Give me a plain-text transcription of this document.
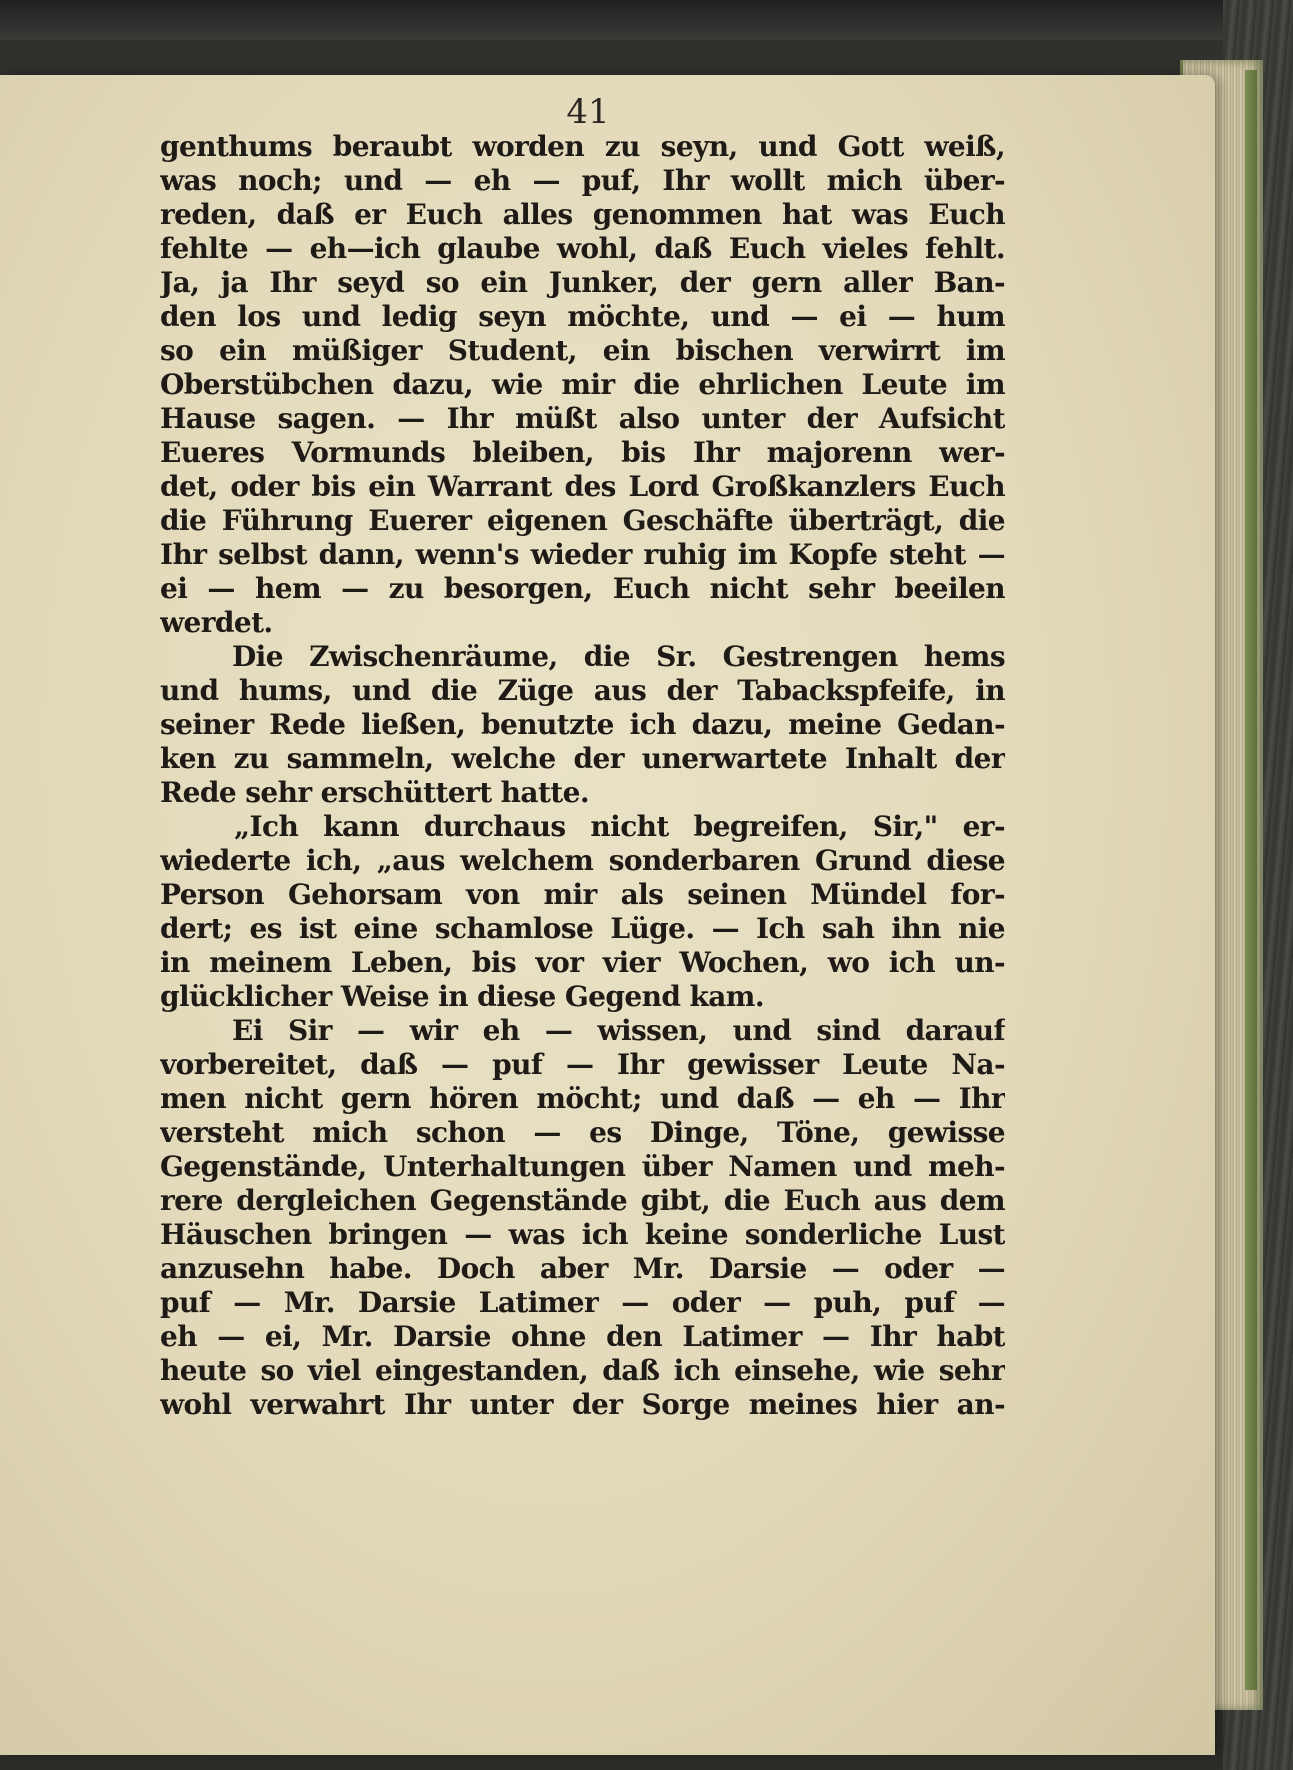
41
genthums beraubt worden zu seyn, und Gott weiß,
was noch; und — eh — puf, Ihr wollt mich über-
reden, daß er Euch alles genommen hat was Euch
fehlte — eh—ich glaube wohl, daß Euch vieles fehlt.
Ja, ja Ihr seyd so ein Junker, der gern aller Ban-
den los und ledig seyn möchte, und — ei — hum
so ein müßiger Student, ein bischen verwirrt im
Oberstübchen dazu, wie mir die ehrlichen Leute im
Hause sagen. — Ihr müßt also unter der Aufsicht
Eueres Vormunds bleiben, bis Ihr majorenn wer-
det, oder bis ein Warrant des Lord Großkanzlers Euch
die Führung Euerer eigenen Geschäfte überträgt, die
Ihr selbst dann, wenn's wieder ruhig im Kopfe steht —
ei — hem — zu besorgen, Euch nicht sehr beeilen
werdet.
Die Zwischenräume, die Sr. Gestrengen hems
und hums, und die Züge aus der Tabackspfeife, in
seiner Rede ließen, benutzte ich dazu, meine Gedan-
ken zu sammeln, welche der unerwartete Inhalt der
Rede sehr erschüttert hatte.
„Ich kann durchaus nicht begreifen, Sir," er-
wiederte ich, „aus welchem sonderbaren Grund diese
Person Gehorsam von mir als seinen Mündel for-
dert; es ist eine schamlose Lüge. — Ich sah ihn nie
in meinem Leben, bis vor vier Wochen, wo ich un-
glücklicher Weise in diese Gegend kam.
Ei Sir — wir eh — wissen, und sind darauf
vorbereitet, daß — puf — Ihr gewisser Leute Na-
men nicht gern hören möcht; und daß — eh — Ihr
versteht mich schon — es Dinge, Töne, gewisse
Gegenstände, Unterhaltungen über Namen und meh-
rere dergleichen Gegenstände gibt, die Euch aus dem
Häuschen bringen — was ich keine sonderliche Lust
anzusehn habe. Doch aber Mr. Darsie — oder —
puf — Mr. Darsie Latimer — oder — puh, puf —
eh — ei, Mr. Darsie ohne den Latimer — Ihr habt
heute so viel eingestanden, daß ich einsehe, wie sehr
wohl verwahrt Ihr unter der Sorge meines hier an-
